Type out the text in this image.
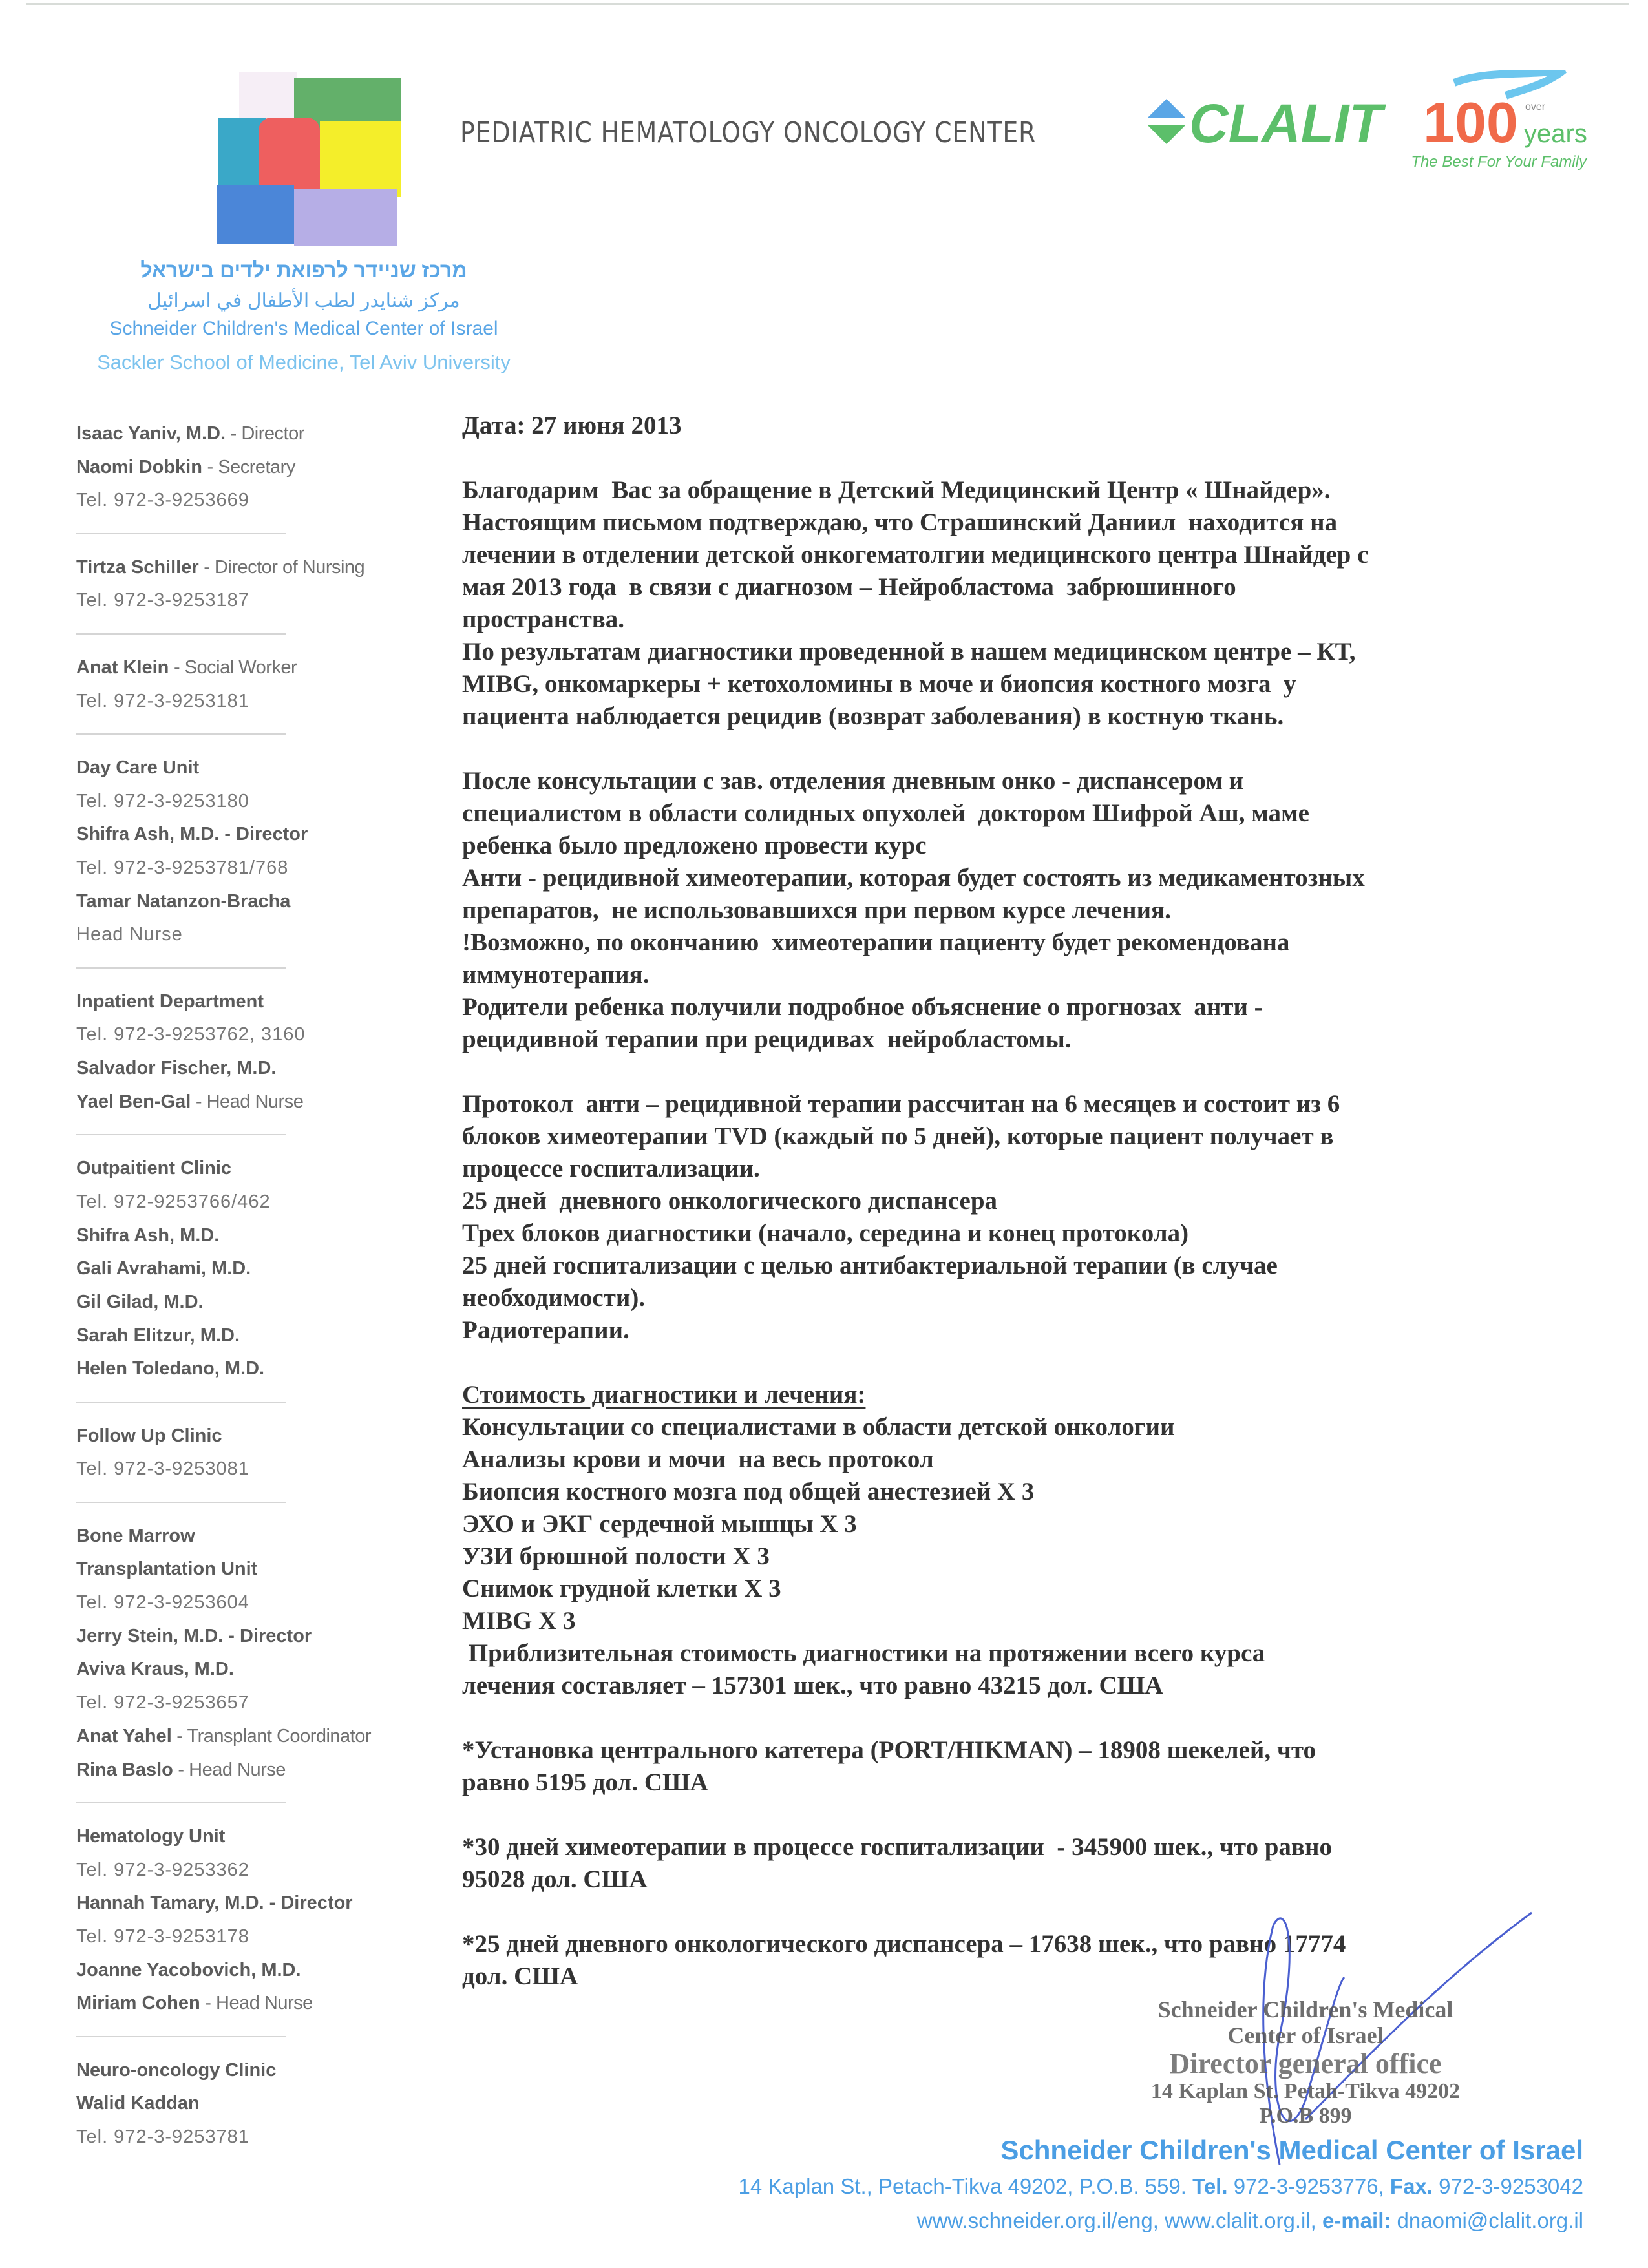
PEDIATRIC HEMATOLOGY ONCOLOGY CENTER	CLALIT 100 over
years
The Best For Your Family
מרכז שניידר לרפואת ילדים בישראל
مركز شنايدر لطب الأطفال في اسرائيل
Schneider Children's Medical Center of Israel
Sackler School of Medicine, Tel Aviv University
Isaac Yaniv, M.D. - Director
Naomi Dobkin - Secretary
Tel. 972-3-9253669
Tirtza Schiller - Director of Nursing
Tel. 972-3-9253187
Anat Klein - Social Worker
Tel. 972-3-9253181
Day Care Unit
Tel. 972-3-9253180
Shifra Ash, M.D. - Director
Tel. 972-3-9253781/768
Tamar Natanzon-Bracha
Head Nurse
Inpatient Department
Tel. 972-3-9253762, 3160
Salvador Fischer, M.D.
Yael Ben-Gal - Head Nurse
Outpaitient Clinic
Tel. 972-9253766/462
Shifra Ash, M.D.
Gali Avrahami, M.D.
Gil Gilad, M.D.
Sarah Elitzur, M.D.
Helen Toledano, M.D.
Follow Up Clinic
Tel. 972-3-9253081
Bone Marrow
Transplantation Unit
Tel. 972-3-9253604
Jerry Stein, M.D. - Director
Aviva Kraus, M.D.
Tel. 972-3-9253657
Anat Yahel - Transplant Coordinator
Rina Baslo - Head Nurse
Hematology Unit
Tel. 972-3-9253362
Hannah Tamary, M.D. - Director
Tel. 972-3-9253178
Joanne Yacobovich, M.D.
Miriam Cohen - Head Nurse
Neuro-oncology Clinic
Walid Kaddan
Tel. 972-3-9253781
Дата: 27 июня 2013
Благодарим  Вас за обращение в Детский Медицинский Центр « Шнайдер».
Настоящим письмом подтверждаю, что Страшинский Даниил  находится на
лечении в отделении детской онкогематолгии медицинского центра Шнайдер с
мая 2013 года  в связи с диагнозом – Нейробластома  забрюшинного
пространства.
По результатам диагностики проведенной в нашем медицинском центре – КТ,
MIBG, онкомаркеры + кетохоломины в моче и биопсия костного мозга  у
пациента наблюдается рецидив (возврат заболевания) в костную ткань.
После консультации с зав. отделения дневным онко - диспансером и
специалистом в области солидных опухолей  доктором Шифрой Аш, маме
ребенка было предложено провести курс
Анти - рецидивной химеотерапии, которая будет состоять из медикаментозных
препаратов,  не использовавшихся при первом курсе лечения.
!Возможно, по окончанию  химеотерапии пациенту будет рекомендована
иммунотерапия.
Родители ребенка получили подробное объяснение о прогнозах  анти -
рецидивной терапии при рецидивах  нейробластомы.
Протокол  анти – рецидивной терапии рассчитан на 6 месяцев и состоит из 6
блоков химеотерапии TVD (каждый по 5 дней), которые пациент получает в
процессе госпитализации.
25 дней  дневного онкологического диспансера
Трех блоков диагностики (начало, середина и конец протокола)
25 дней госпитализации с целью антибактериальной терапии (в случае
необходимости).
Радиотерапии.
Стоимость диагностики и лечения:
Консультации со специалистами в области детской онкологии
Анализы крови и мочи  на весь протокол
Биопсия костного мозга под общей анестезией X 3
ЭХО и ЭКГ сердечной мышцы X 3
УЗИ брюшной полости X 3
Снимок грудной клетки X 3
MIBG X 3
Приблизительная стоимость диагностики на протяжении всего курса
лечения составляет – 157301 шек., что равно 43215 дол. США
*Установка центрального катетера (PORT/HIKMAN) – 18908 шекелей, что
равно 5195 дол. США
*30 дней химеотерапии в процессе госпитализации  - 345900 шек., что равно
95028 дол. США
*25 дней дневного онкологического диспансера – 17638 шек., что равно 17774
дол. США
Schneider Children's Medical
Center of Israel
Director general office
14 Kaplan St. Petah-Tikva 49202
P.O.B 899
Schneider Children's Medical Center of Israel
14 Kaplan St., Petach-Tikva 49202, P.O.B. 559. Tel. 972-3-9253776, Fax. 972-3-9253042
www.schneider.org.il/eng, www.clalit.org.il, e-mail: dnaomi@clalit.org.il
